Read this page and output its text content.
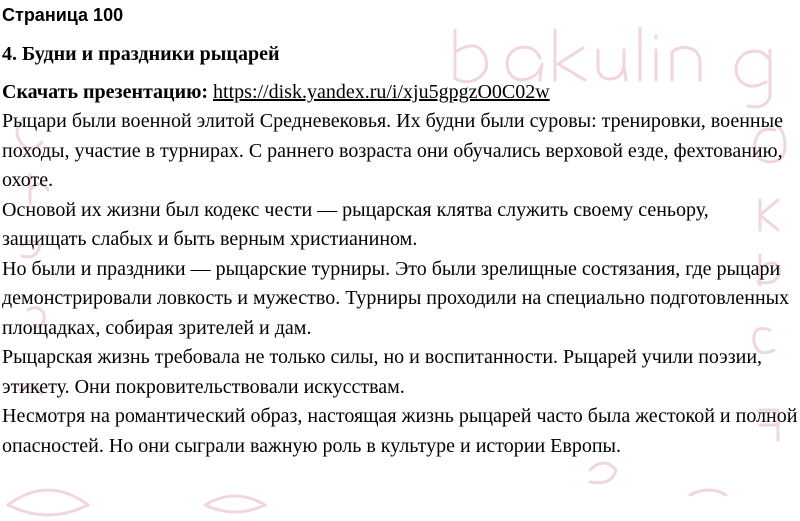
Страница 100
4. Будни и праздники рыцарей
Скачать презентацию: https://disk.yandex.ru/i/xju5gpgzO0C02w

Рыцари были военной элитой Средневековья. Их будни были суровы: тренировки, военные походы, участие в турнирах. С раннего возраста они обучались верховой езде, фехтованию, охоте.

Основой их жизни был кодекс чести — рыцарская клятва служить своему сеньору, защищать слабых и быть верным христианином.

Но были и праздники — рыцарские турниры. Это были зрелищные состязания, где рыцари демонстрировали ловкость и мужество. Турниры проходили на специально подготовленных площадках, собирая зрителей и дам.

Рыцарская жизнь требовала не только силы, но и воспитанности. Рыцарей учили поэзии, этикету. Они покровительствовали искусствам.

Несмотря на романтический образ, настоящая жизнь рыцарей часто была жестокой и полной опасностей. Но они сыграли важную роль в культуре и истории Европы.
